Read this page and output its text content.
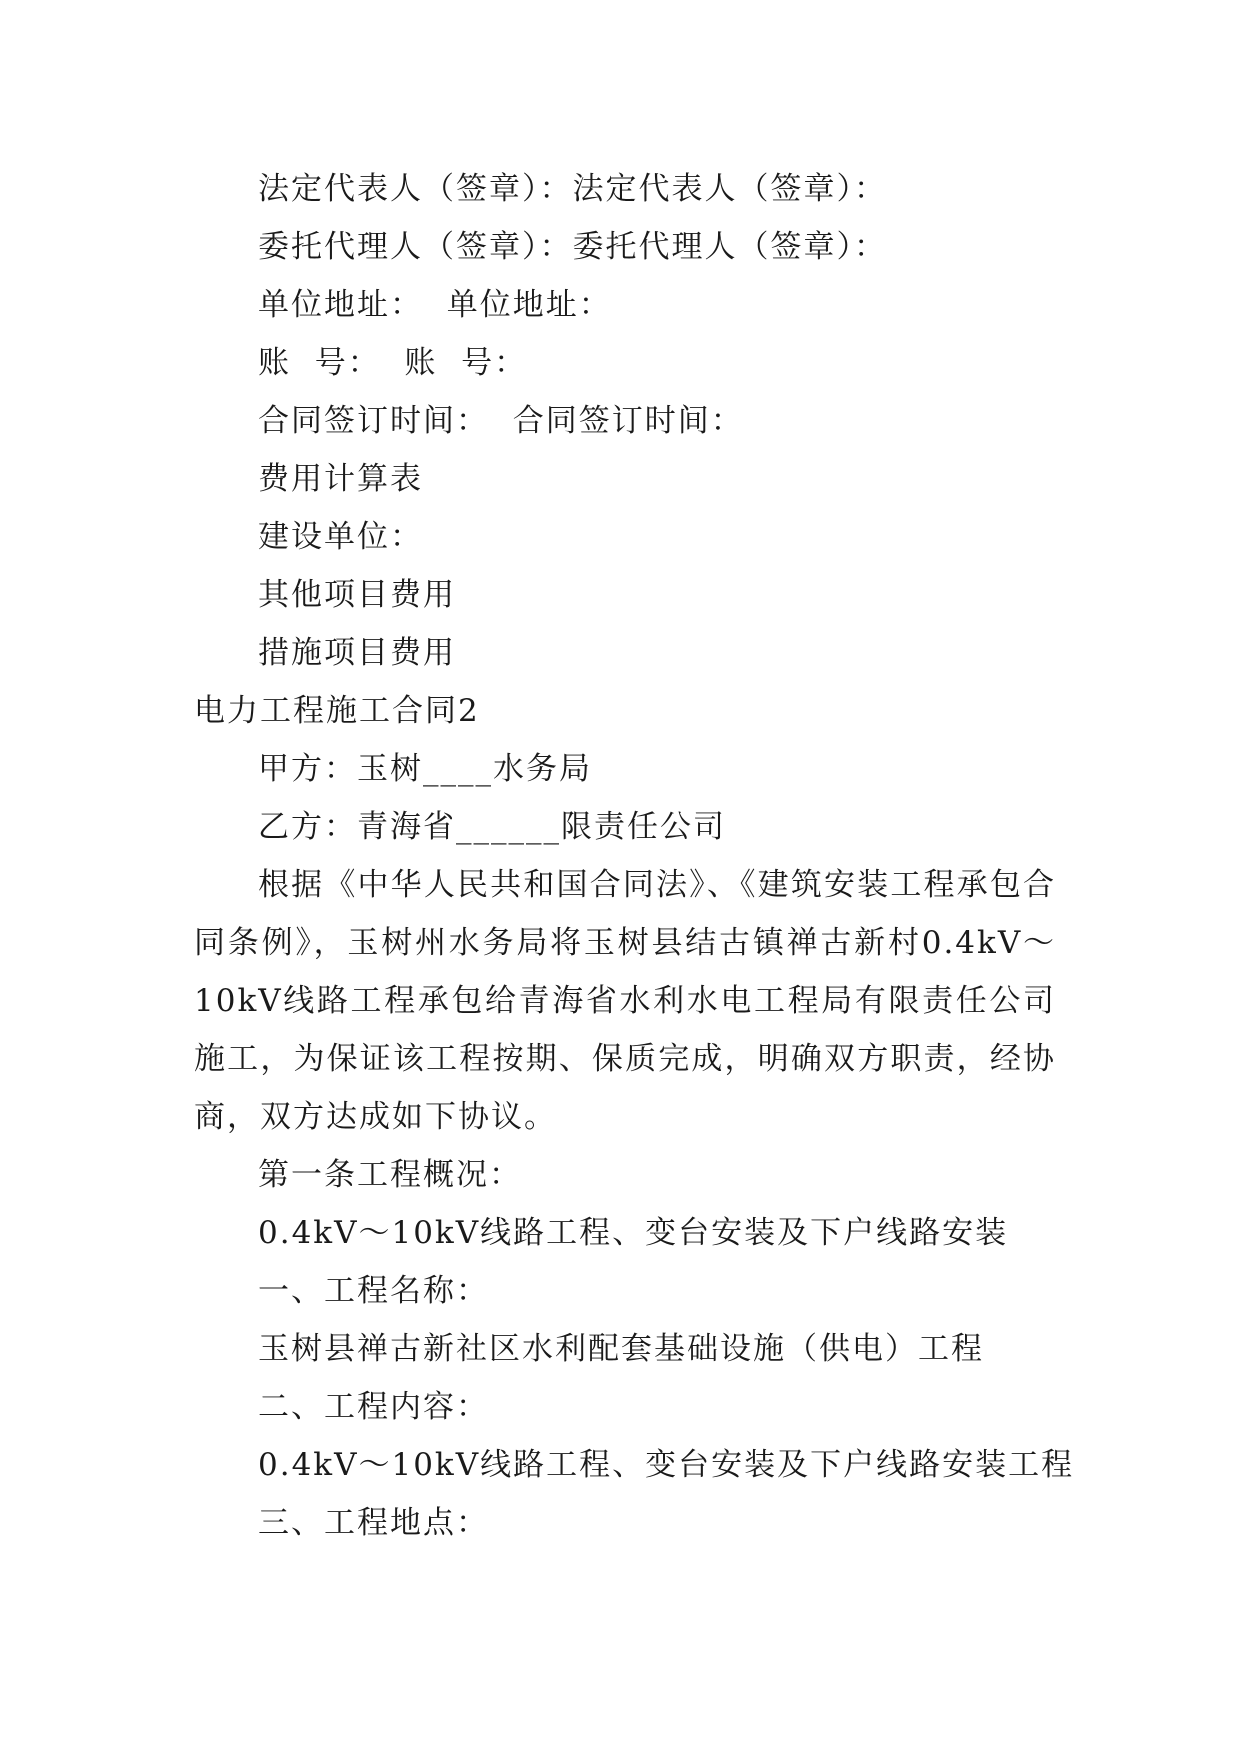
法定代表人（签章）：法定代表人（签章）：
委托代理人（签章）：委托代理人（签章）：
单位地址：  单位地址：
账  号：  账  号：
合同签订时间：  合同签订时间：
费用计算表
建设单位：
其他项目费用
措施项目费用
电力工程施工合同2
甲方：玉树____水务局
乙方：青海省______限责任公司
根据《中华人民共和国合同法》、《建筑安装工程承包合同条例》，玉树州水务局将玉树县结古镇禅古新村0.4kV～10kV线路工程承包给青海省水利水电工程局有限责任公司施工，为保证该工程按期、保质完成，明确双方职责，经协商，双方达成如下协议。
第一条工程概况：
0.4kV～10kV线路工程、变台安装及下户线路安装
一、工程名称：
玉树县禅古新社区水利配套基础设施（供电）工程
二、工程内容：
0.4kV～10kV线路工程、变台安装及下户线路安装工程
三、工程地点：
